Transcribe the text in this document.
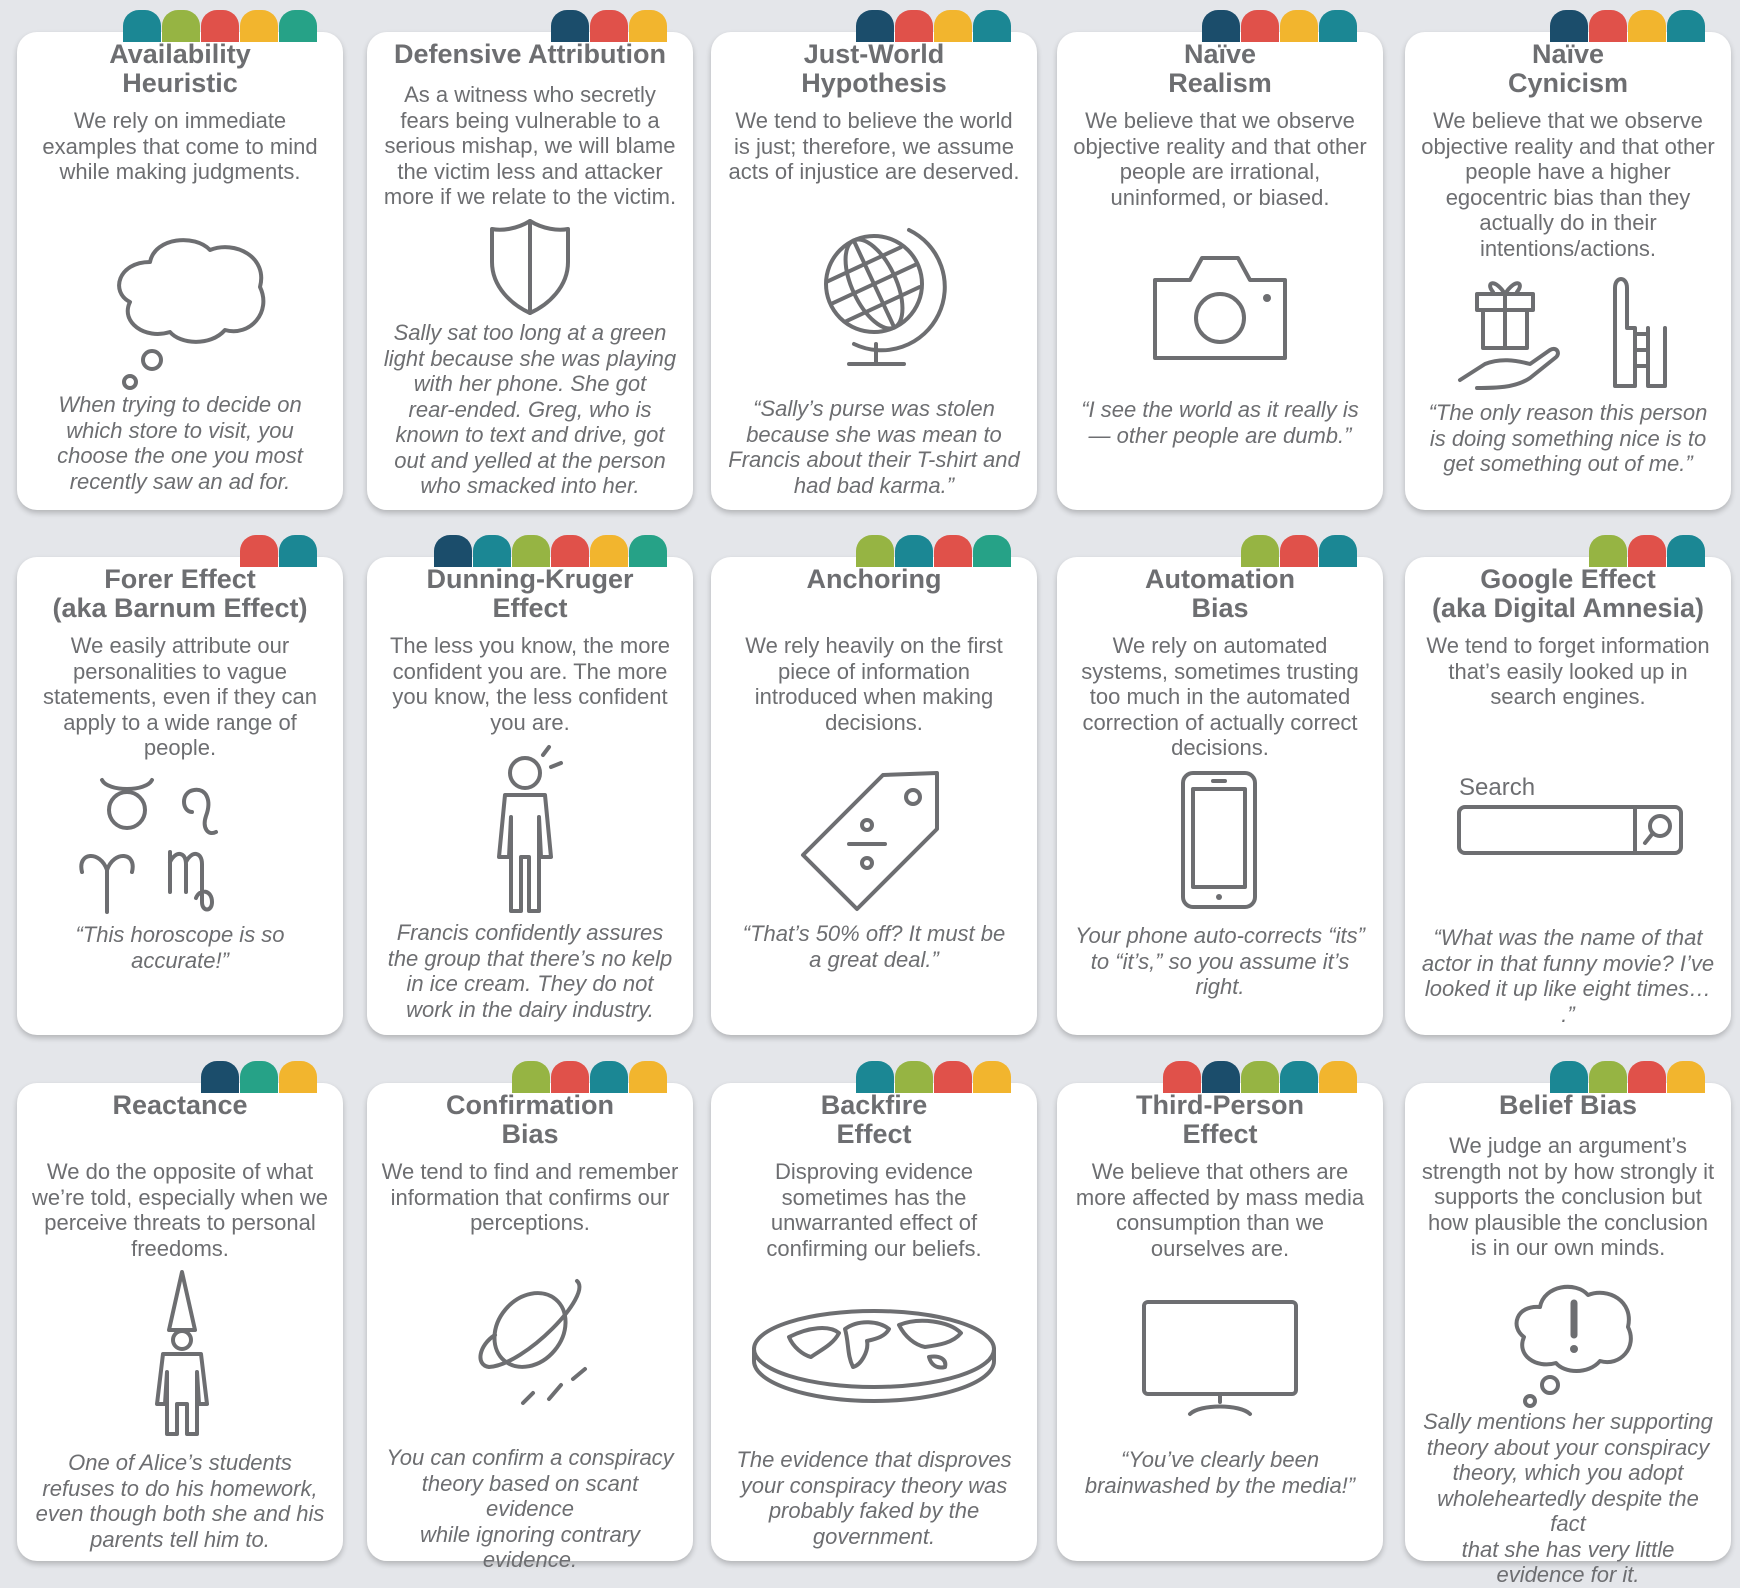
Availability
Heuristic

We rely on immediate
examples that come to mind
while making judgments.

When trying to decide on
which store to visit, you
choose the one you most
recently saw an ad for.

Defensive Attribution

As a witness who secretly
fears being vulnerable to a
serious mishap, we will blame
the victim less and attacker
more if we relate to the victim.

Sally sat too long at a green
light because she was playing
with her phone. She got
rear-ended. Greg, who is
known to text and drive, got
out and yelled at the person
who smacked into her.

Just-World
Hypothesis

We tend to believe the world
is just; therefore, we assume
acts of injustice are deserved.

“Sally’s purse was stolen
because she was mean to
Francis about their T-shirt and
had bad karma.”

Naïve
Realism

We believe that we observe
objective reality and that other
people are irrational,
uninformed, or biased.

“I see the world as it really is
— other people are dumb.”

Naïve
Cynicism

We believe that we observe
objective reality and that other
people have a higher
egocentric bias than they
actually do in their
intentions/actions.

“The only reason this person
is doing something nice is to
get something out of me.”

Forer Effect
(aka Barnum Effect)

We easily attribute our
personalities to vague
statements, even if they can
apply to a wide range of
people.

“This horoscope is so
accurate!”

Dunning-Kruger
Effect

The less you know, the more
confident you are. The more
you know, the less confident
you are.

Francis confidently assures
the group that there’s no kelp
in ice cream. They do not
work in the dairy industry.

Anchoring

We rely heavily on the first
piece of information
introduced when making
decisions.

“That’s 50% off? It must be
a great deal.”

Automation
Bias

We rely on automated
systems, sometimes trusting
too much in the automated
correction of actually correct
decisions.

Your phone auto-corrects “its”
to “it’s,” so you assume it’s
right.

Google Effect
(aka Digital Amnesia)

We tend to forget information
that’s easily looked up in
search engines.

Search

“What was the name of that
actor in that funny movie? I’ve
looked it up like eight times… .”

Reactance

We do the opposite of what
we’re told, especially when we
perceive threats to personal
freedoms.

One of Alice’s students
refuses to do his homework,
even though both she and his
parents tell him to.

Confirmation
Bias

We tend to find and remember
information that confirms our
perceptions.

You can confirm a conspiracy
theory based on scant evidence
while ignoring contrary
evidence.

Backfire
Effect

Disproving evidence
sometimes has the
unwarranted effect of
confirming our beliefs.

The evidence that disproves
your conspiracy theory was
probably faked by the
government.

Third-Person
Effect

We believe that others are
more affected by mass media
consumption than we
ourselves are.

“You’ve clearly been
brainwashed by the media!”

Belief Bias

We judge an argument’s
strength not by how strongly it
supports the conclusion but
how plausible the conclusion
is in our own minds.

Sally mentions her supporting
theory about your conspiracy
theory, which you adopt
wholeheartedly despite the fact
that she has very little
evidence for it.
